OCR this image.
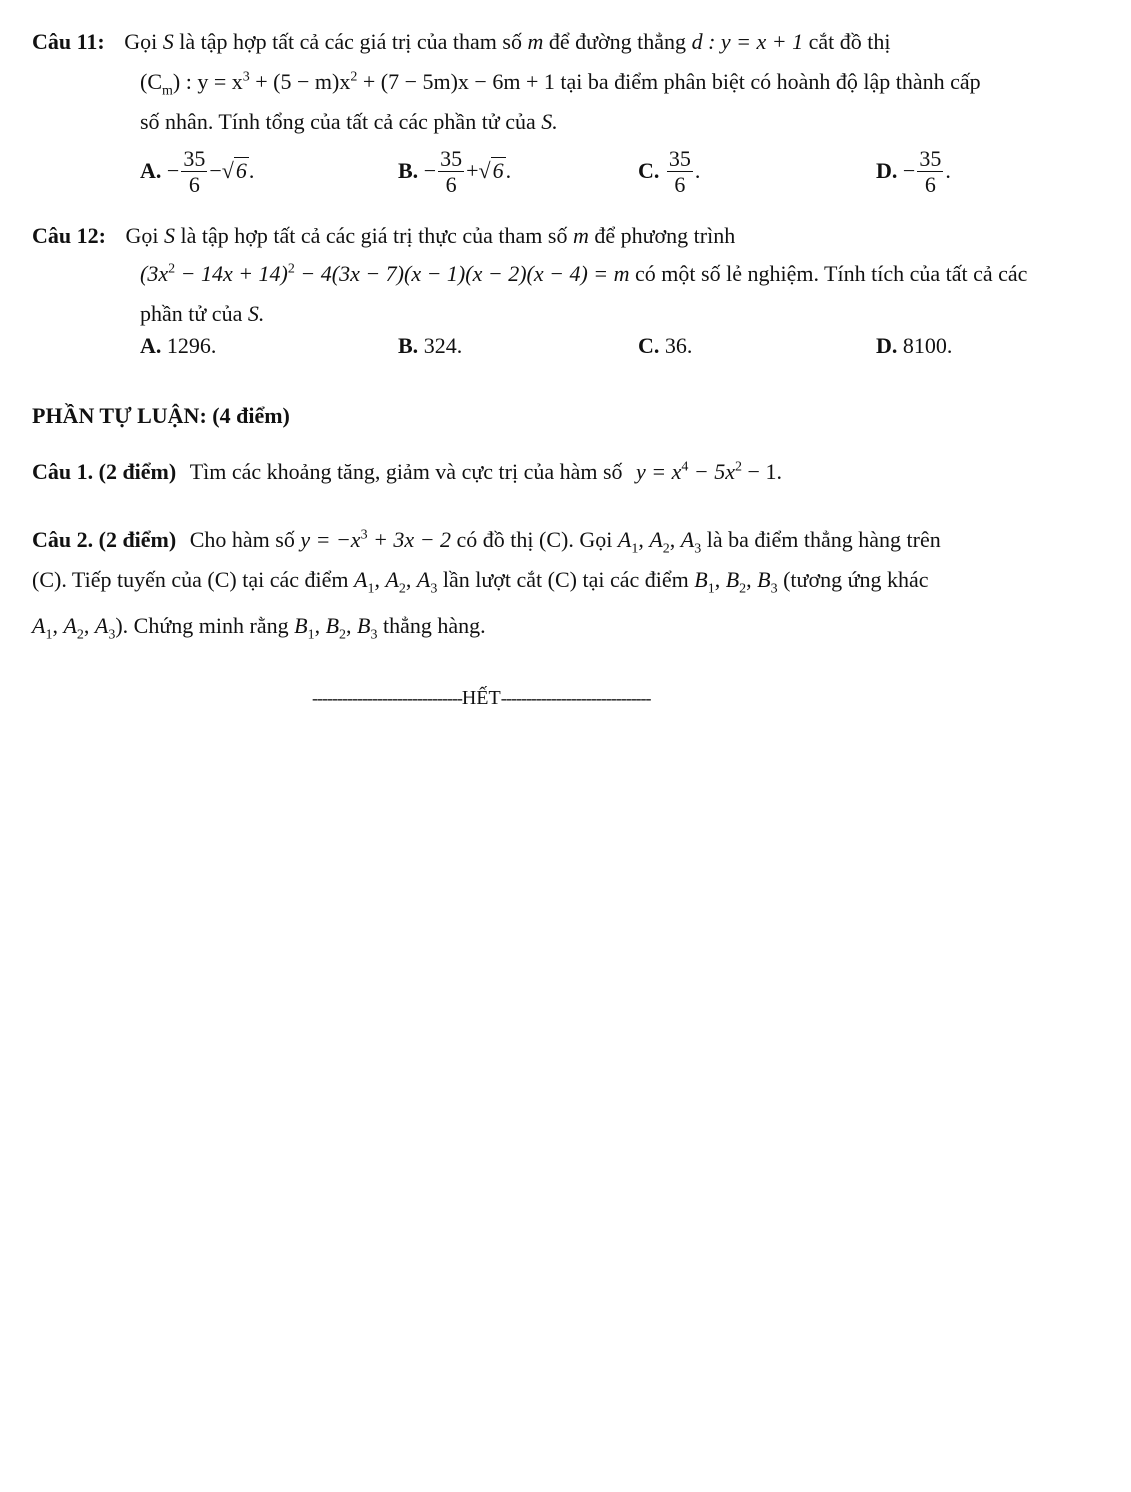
Câu 11: Gọi S là tập hợp tất cả các giá trị của tham số m để đường thẳng d : y = x + 1 cắt đồ thị
$(C_m)$ : $y = x^3 + (5 - m)x^2 + (7 - 5m)x - 6m + 1$ tại ba điểm phân biệt có hoành độ lập thành cấp
số nhân. Tính tổng của tất cả các phần tử của S.
A. − $\frac{35}{6} -√6$.	B. − $\frac{35}{6} +√6$.	C. $\frac{35}{6}$ .	D. − $\frac{35}{6}$ .
Câu 12: Gọi S là tập hợp tất cả các giá trị thực của tham số m để phương trình
$(3x^2 - 14x + 14)^2 - 4(3x - 7)(x - 1)(x - 2)(x - 4) = m$ có một số lẻ nghiệm. Tính tích của tất cả các
phần tử của S.
A. 1296.	B. 324.	C. 36.	D. 8100.
PHẦN TỰ LUẬN: (4 điểm)
Câu 1. (2 điểm) Tìm các khoảng tăng, giảm và cực trị của hàm số $y = x^4 - 5x^2 - 1$.
Câu 2. (2 điểm) Cho hàm số $y = -x^3 + 3x - 2$ có đồ thị (C). Gọi $A_1$, $A_2$, $A_3$ là ba điểm thẳng hàng trên
(C). Tiếp tuyến của (C) tại các điểm $A_1$, $A_2$, $A_3$ lần lượt cắt (C) tại các điểm $B_1$, $B_2$, $B_3$ (tương ứng khác
$A_1$, $A_2$, $A_3$). Chứng minh rằng $B_1$, $B_2$, $B_3$ thẳng hàng.
------------------------------HẾT------------------------------
